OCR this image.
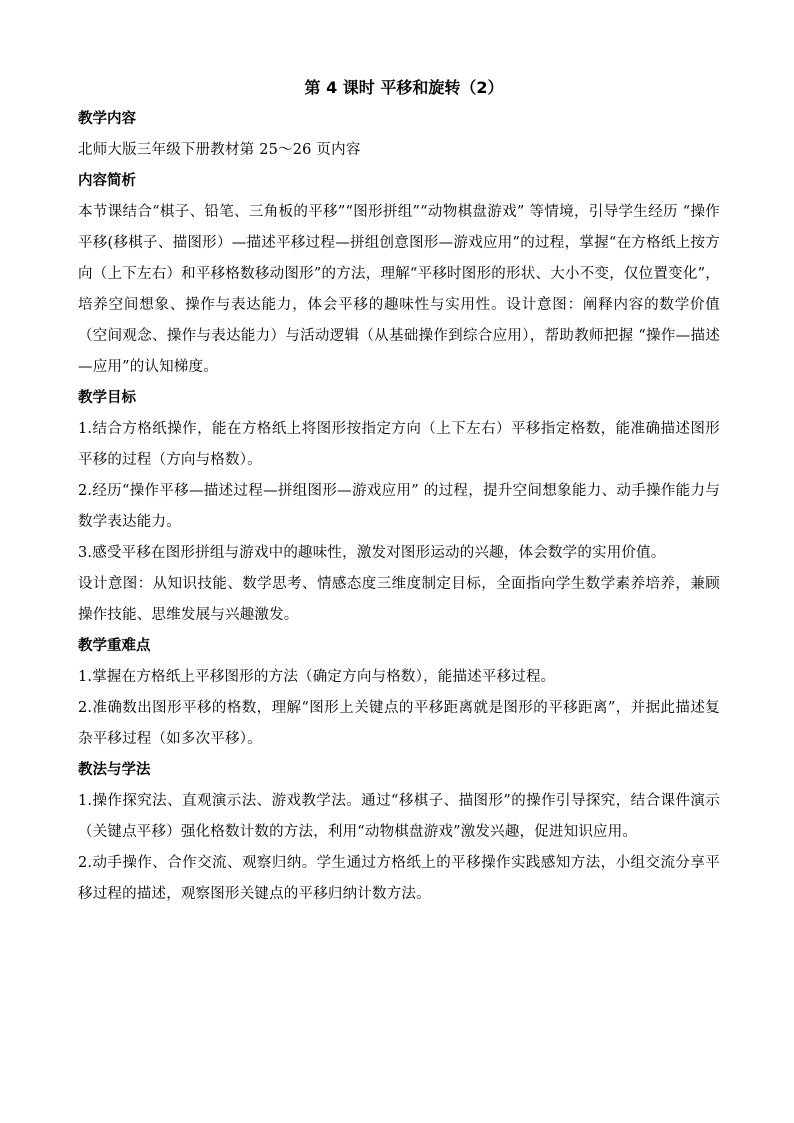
第 4 课时 平移和旋转（2）
教学内容

北师大版三年级下册教材第 25～26 页内容

内容简析

本节课结合“棋子、铅笔、三角板的平移”“图形拼组”“动物棋盘游戏” 等情境，引导学生经历 “操作平移(移棋子、描图形）—描述平移过程—拼组创意图形—游戏应用”的过程，掌握“在方格纸上按方向（上下左右）和平移格数移动图形”的方法，理解“平移时图形的形状、大小不变，仅位置变化”，培养空间想象、操作与表达能力，体会平移的趣味性与实用性。设计意图：阐释内容的数学价值（空间观念、操作与表达能力）与活动逻辑（从基础操作到综合应用），帮助教师把握 “操作—描述—应用”的认知梯度。

教学目标

1.结合方格纸操作，能在方格纸上将图形按指定方向（上下左右）平移指定格数，能准确描述图形平移的过程（方向与格数）。

2.经历“操作平移—描述过程—拼组图形—游戏应用” 的过程，提升空间想象能力、动手操作能力与数学表达能力。

3.感受平移在图形拼组与游戏中的趣味性，激发对图形运动的兴趣，体会数学的实用价值。

设计意图：从知识技能、数学思考、情感态度三维度制定目标，全面指向学生数学素养培养，兼顾操作技能、思维发展与兴趣激发。

教学重难点

1.掌握在方格纸上平移图形的方法（确定方向与格数），能描述平移过程。

2.准确数出图形平移的格数，理解“图形上关键点的平移距离就是图形的平移距离”，并据此描述复杂平移过程（如多次平移）。

教法与学法

1.操作探究法、直观演示法、游戏教学法。通过“移棋子、描图形”的操作引导探究，结合课件演示（关键点平移）强化格数计数的方法，利用“动物棋盘游戏”激发兴趣，促进知识应用。

2.动手操作、合作交流、观察归纳。学生通过方格纸上的平移操作实践感知方法，小组交流分享平移过程的描述，观察图形关键点的平移归纳计数方法。
